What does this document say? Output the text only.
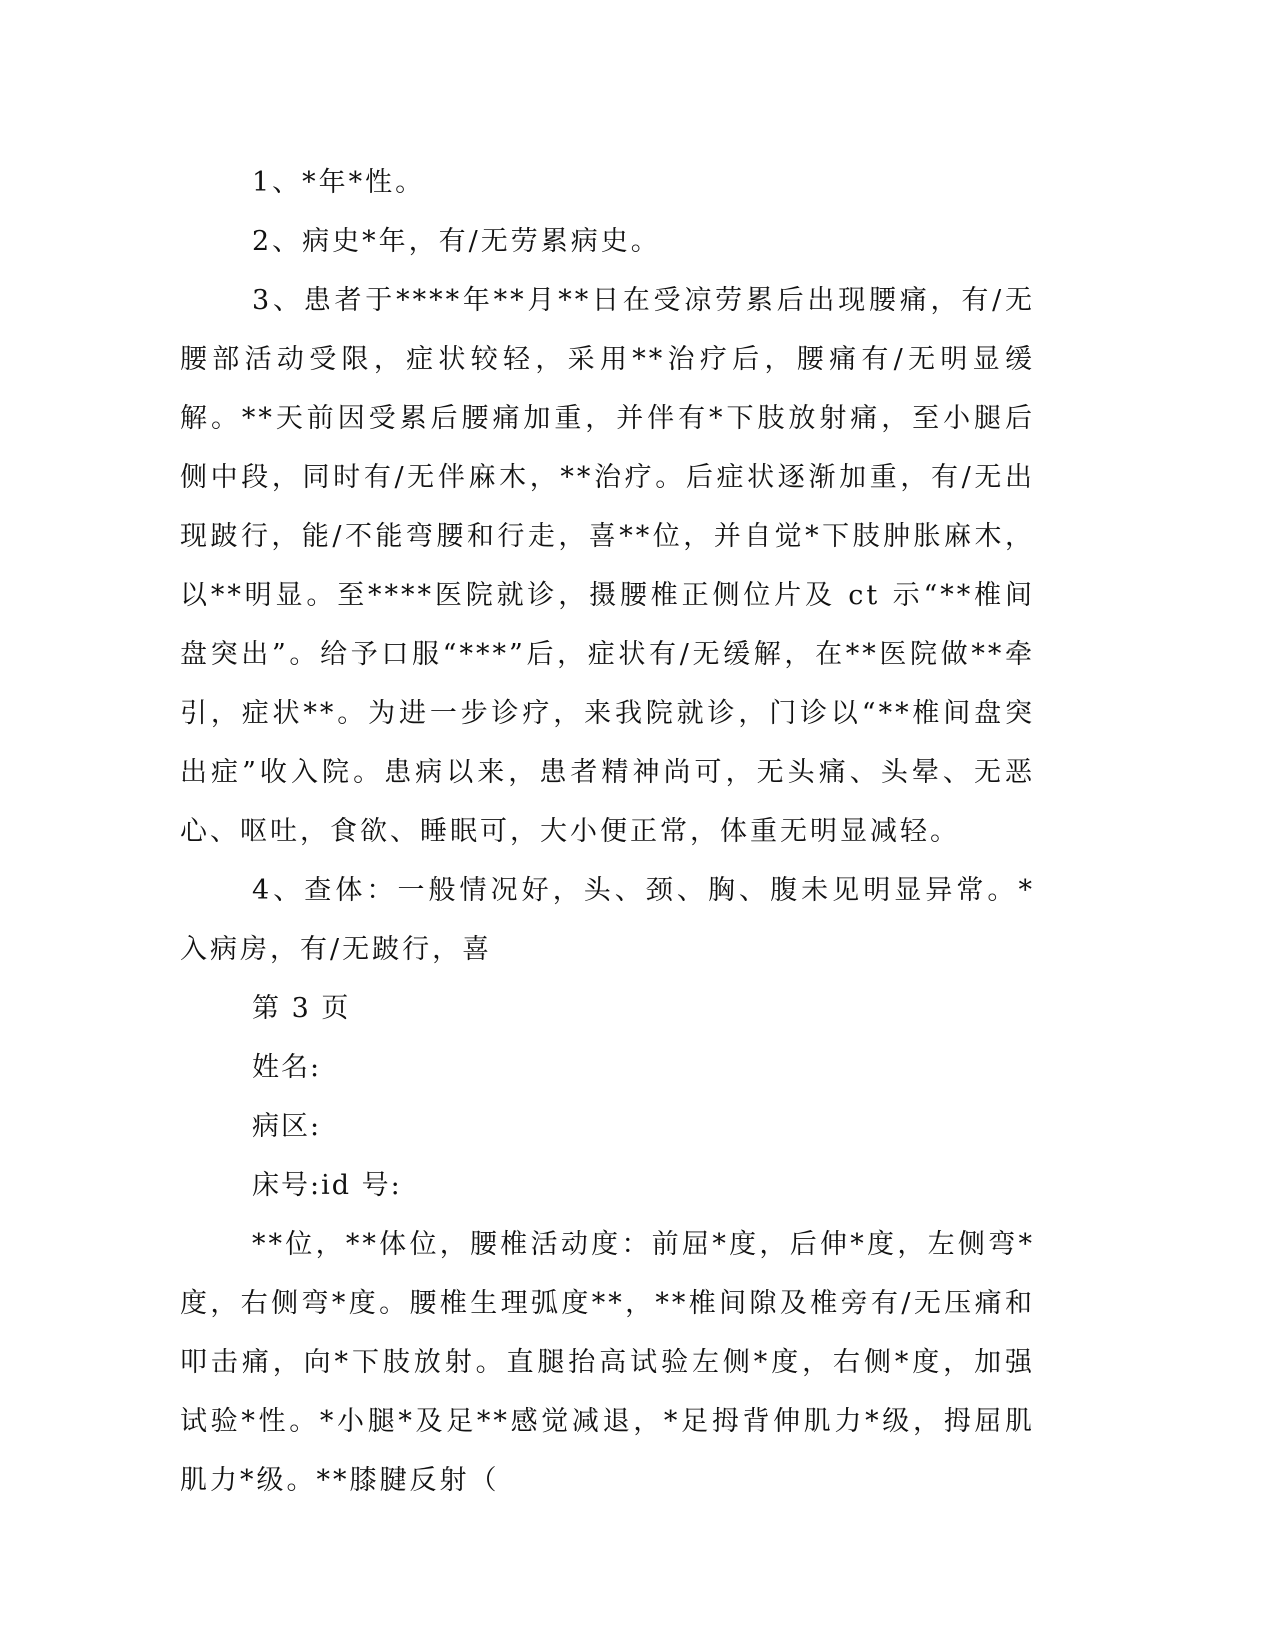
1、*年*性。

2、病史*年，有/无劳累病史。

3、患者于****年**月**日在受凉劳累后出现腰痛，有/无腰部活动受限，症状较轻，采用**治疗后，腰痛有/无明显缓解。**天前因受累后腰痛加重，并伴有*下肢放射痛，至小腿后侧中段，同时有/无伴麻木，**治疗。后症状逐渐加重，有/无出现跛行，能/不能弯腰和行走，喜**位，并自觉*下肢肿胀麻木，以**明显。至****医院就诊，摄腰椎正侧位片及 ct 示“**椎间盘突出”。给予口服“***”后，症状有/无缓解，在**医院做**牵引，症状**。为进一步诊疗，来我院就诊，门诊以“**椎间盘突出症”收入院。患病以来，患者精神尚可，无头痛、头晕、无恶心、呕吐，食欲、睡眠可，大小便正常，体重无明显减轻。

4、查体：一般情况好，头、颈、胸、腹未见明显异常。*入病房，有/无跛行，喜

第 3 页

姓名:

病区:

床号:id 号:

**位，**体位，腰椎活动度：前屈*度，后伸*度，左侧弯*度，右侧弯*度。腰椎生理弧度**，**椎间隙及椎旁有/无压痛和叩击痛，向*下肢放射。直腿抬高试验左侧*度，右侧*度，加强试验*性。*小腿*及足**感觉减退，*足拇背伸肌力*级，拇屈肌肌力*级。**膝腱反射（
